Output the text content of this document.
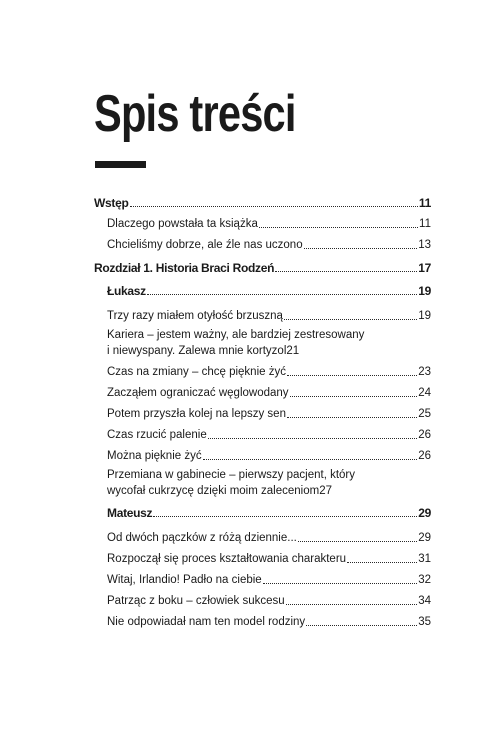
Spis treści
Wstęp	11
Dlaczego powstała ta książka	11
Chcieliśmy dobrze, ale źle nas uczono	13
Rozdział 1. Historia Braci Rodzeń	17
Łukasz	19
Trzy razy miałem otyłość brzuszną	19
Kariera – jestem ważny, ale bardziej zestresowany
i niewyspany. Zalewa mnie kortyzol 21
Czas na zmiany – chcę pięknie żyć	23
Zacząłem ograniczać węglowodany	24
Potem przyszła kolej na lepszy sen	25
Czas rzucić palenie	26
Można pięknie żyć	26
Przemiana w gabinecie – pierwszy pacjent, który
wycofał cukrzycę dzięki moim zaleceniom 27
Mateusz	29
Od dwóch pączków z różą dziennie...	29
Rozpoczął się proces kształtowania charakteru	31
Witaj, Irlandio! Padło na ciebie	32
Patrząc z boku – człowiek sukcesu	34
Nie odpowiadał nam ten model rodziny	35
